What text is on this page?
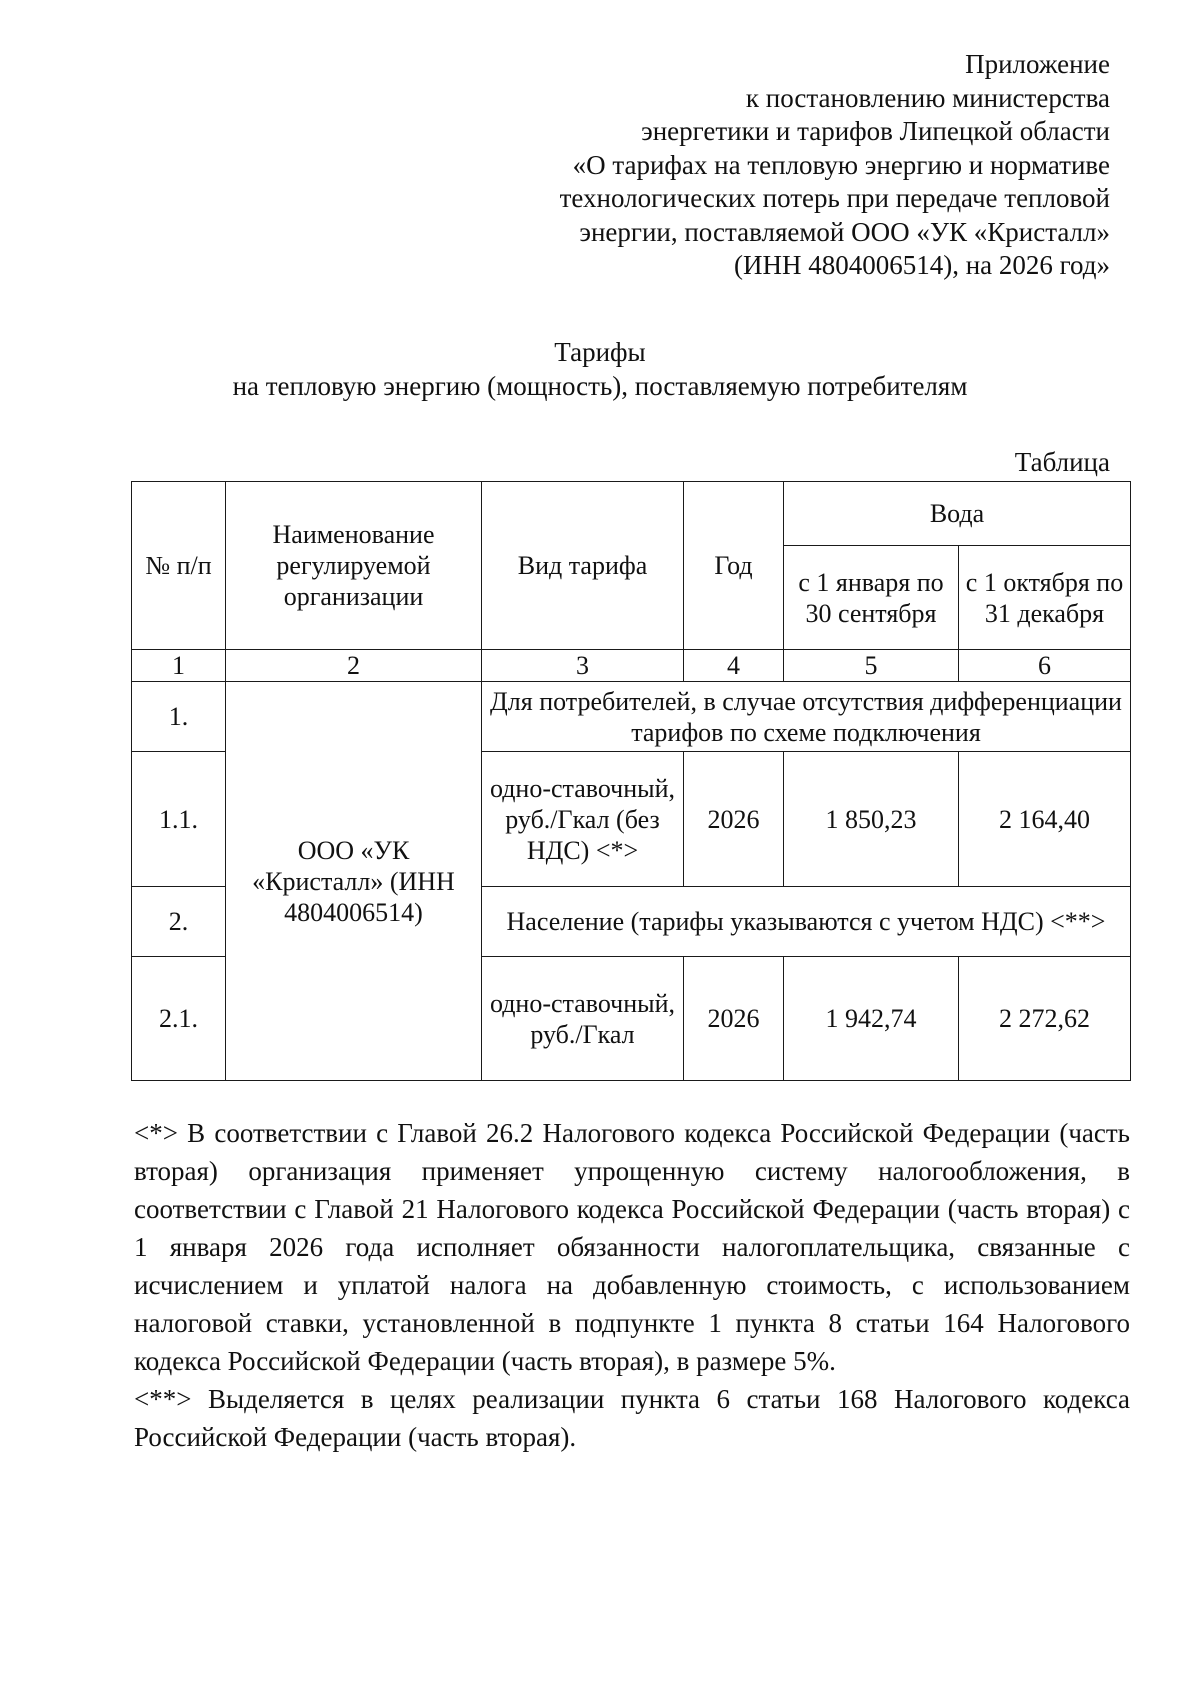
Приложение
к постановлению министерства
энергетики и тарифов Липецкой области
«О тарифах на тепловую энергию и нормативе
технологических потерь при передаче тепловой
энергии, поставляемой ООО «УК «Кристалл»
(ИНН 4804006514), на 2026 год»
Тарифы
на тепловую энергию (мощность), поставляемую потребителям
Таблица
№ п/п	Наименование регулируемой организации	Вид тарифа	Год	Вода	
				с 1 января по 30 сентября	с 1 октября по 31 декабря
1	2	3	4	5	6
1.	ООО «УК «Кристалл» (ИНН 4804006514)	Для потребителей, в случае отсутствия дифференциации тарифов по схеме подключения			
1.1.		одно-ставочный, руб./Гкал (без НДС) <*>	2026	1 850,23	2 164,40
2.		Население (тарифы указываются с учетом НДС) <**>			
2.1.		одно-ставочный, руб./Гкал	2026	1 942,74	2 272,62

<*> В соответствии с Главой 26.2 Налогового кодекса Российской Федерации (часть вторая) организация применяет упрощенную систему налогообложения, в соответствии с Главой 21 Налогового кодекса Российской Федерации (часть вторая) с 1 января 2026 года исполняет обязанности налогоплательщика, связанные с исчислением и уплатой налога на добавленную стоимость, с использованием налоговой ставки, установленной в подпункте 1 пункта 8 статьи 164 Налогового кодекса Российской Федерации (часть вторая), в размере 5%.

<**> Выделяется в целях реализации пункта 6 статьи 168 Налогового кодекса Российской Федерации (часть вторая).
